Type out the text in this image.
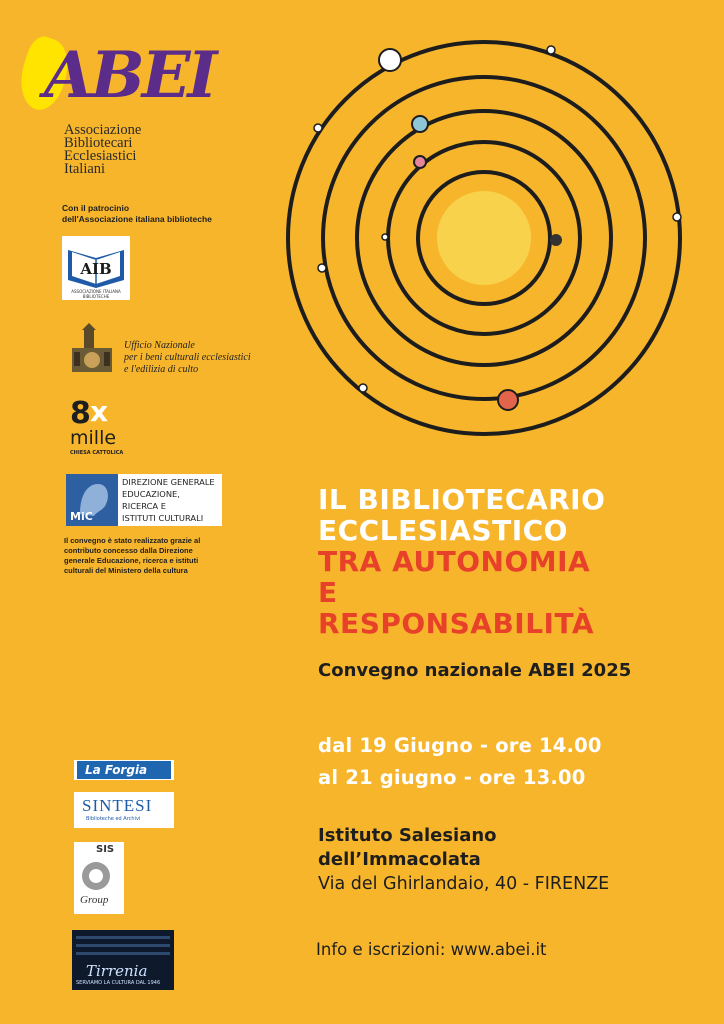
ABEI
Associazione
Bibliotecari
Ecclesiastici
Italiani
Con il patrocinio
dell'Associazione italiana biblioteche
AIB
ASSOCIAZIONE ITALIANA BIBLIOTECHE
Ufficio Nazionale
per i beni culturali ecclesiastici
e l'edilizia di culto
8 x
mille
CHIESA CATTOLICA
MiC
DIREZIONE GENERALE
EDUCAZIONE,
RICERCA E
ISTITUTI CULTURALI
Il convegno è stato realizzato grazie al
contributo concesso dalla Direzione
generale Educazione, ricerca e istituti
culturali del Ministero della cultura
La Forgia
SINTESI
Biblioteche ed Archivi
SIS
Group
Tirrenia
SERVIAMO LA CULTURA DAL 1946
IL BIBLIOTECARIO
ECCLESIASTICO
TRA AUTONOMIA
E
RESPONSABILITÀ
Convegno nazionale ABEI 2025
dal 19 Giugno - ore 14.00
al 21 giugno - ore 13.00
Istituto Salesiano
dell’Immacolata
Via del Ghirlandaio, 40 - FIRENZE
Info e iscrizioni: www.abei.it
